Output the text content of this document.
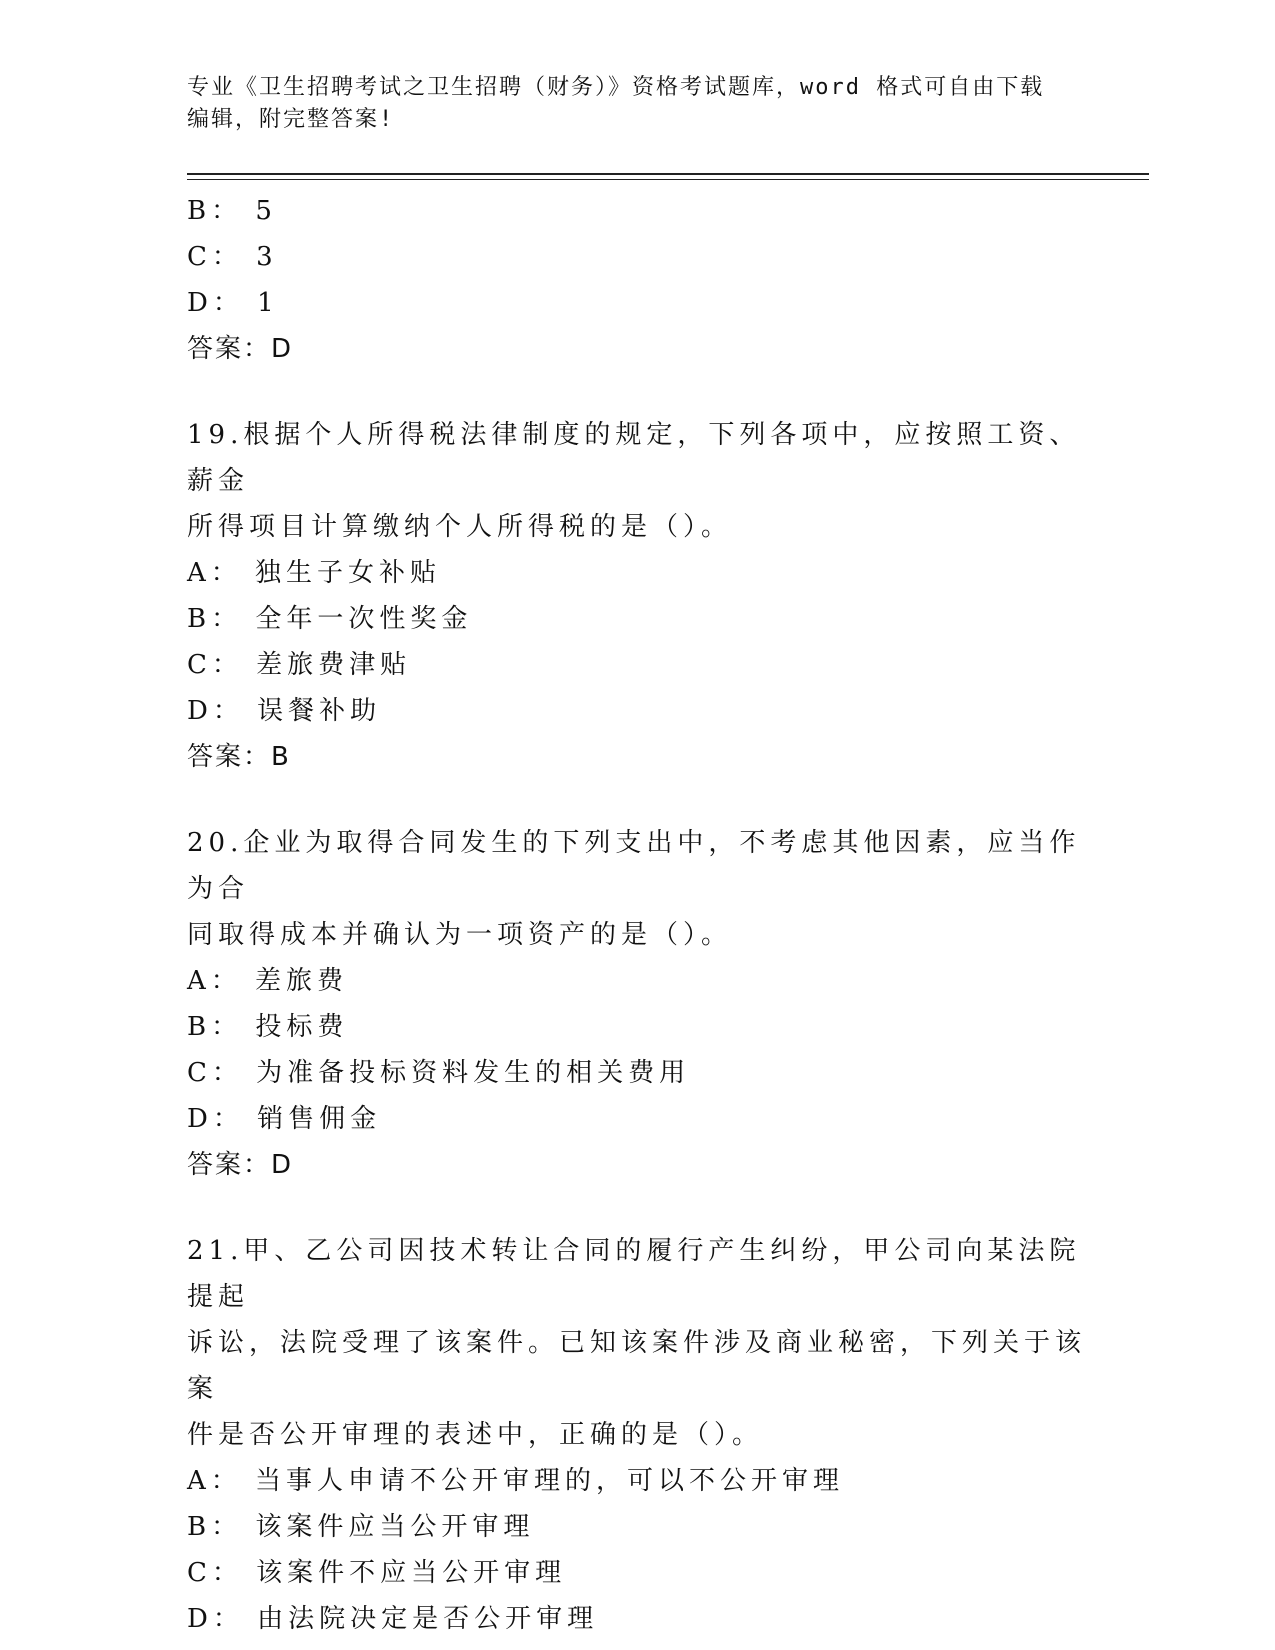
专业《卫生招聘考试之卫生招聘（财务）》资格考试题库，word 格式可自由下载
编辑，附完整答案!
B： 5
C： 3
D： 1
答案：D
19.根据个人所得税法律制度的规定，下列各项中，应按照工资、薪金
所得项目计算缴纳个人所得税的是（）。
A： 独生子女补贴
B： 全年一次性奖金
C： 差旅费津贴
D： 误餐补助
答案：B
20.企业为取得合同发生的下列支出中，不考虑其他因素，应当作为合
同取得成本并确认为一项资产的是（）。
A： 差旅费
B： 投标费
C： 为准备投标资料发生的相关费用
D： 销售佣金
答案：D
21.甲、乙公司因技术转让合同的履行产生纠纷，甲公司向某法院提起
诉讼，法院受理了该案件。已知该案件涉及商业秘密，下列关于该案
件是否公开审理的表述中，正确的是（）。
A： 当事人申请不公开审理的，可以不公开审理
B： 该案件应当公开审理
C： 该案件不应当公开审理
D： 由法院决定是否公开审理
